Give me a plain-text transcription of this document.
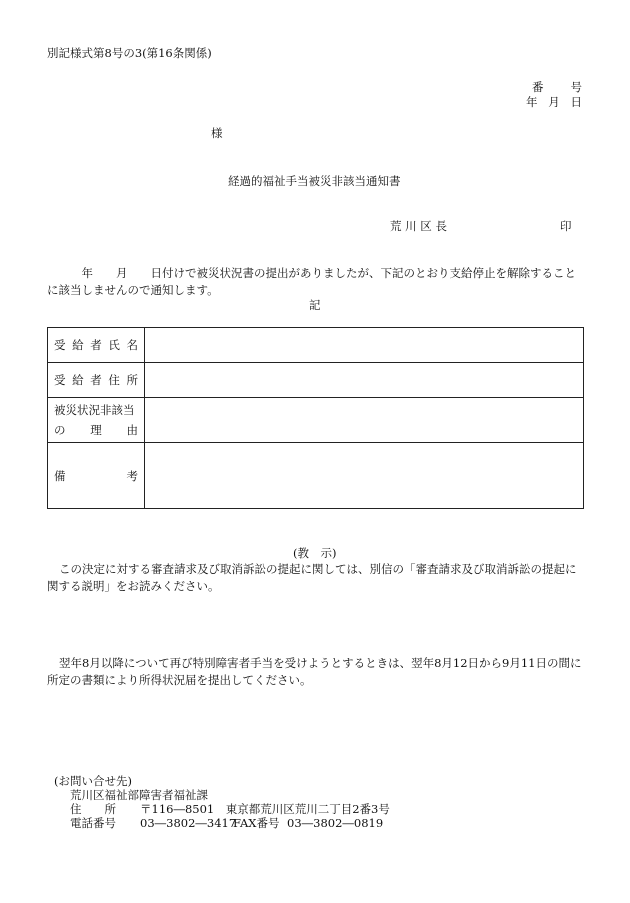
別記様式第8号の3(第16条関係)
番 号
年 月 日
様
経過的福祉手当被災非該当通知書
荒 川 区 長	印
　　　年　　月　　日付けで被災状況書の提出がありましたが、下記のとおり支給停止を解除することに該当しませんので通知します。
記
受 給 者 氏 名	

受 給 者 住 所	

被災状況非該当
の 理 由	

備 考	

(教　示)
この決定に対する審査請求及び取消訴訟の提起に関しては、別信の「審査請求及び取消訴訟の提起に関する説明」をお読みください。
翌年8月以降について再び特別障害者手当を受けようとするときは、翌年8月12日から9月11日の間に所定の書類により所得状況届を提出してください。
(お問い合せ先)
荒川区福祉部障害者福祉課
住　　所 〒116―8501　東京都荒川区荒川二丁目2番3号
電話番号 03―3802―3417
FAX番号 03―3802―0819
